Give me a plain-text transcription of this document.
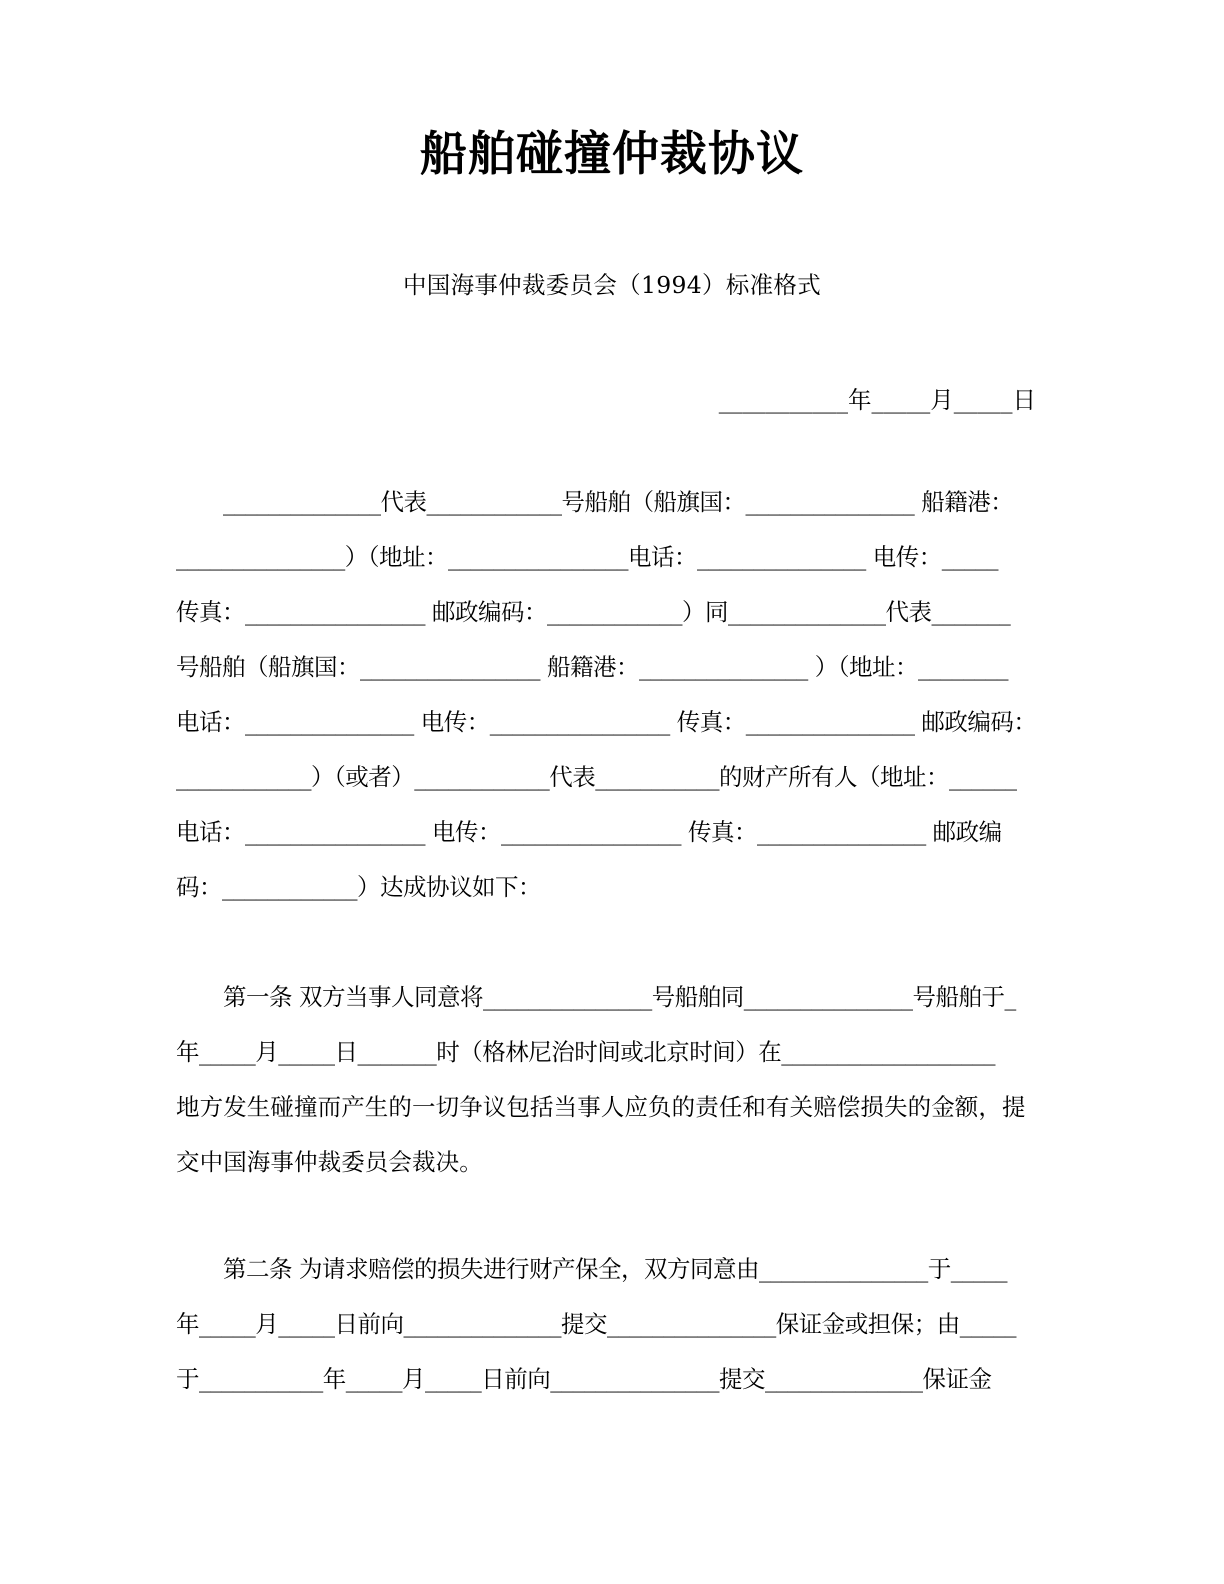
船舶碰撞仲裁协议

中国海事仲裁委员会（1994）标准格式

___________年_____月_____日

______________代表____________号船舶（船旗国：_______________ 船籍港：
_______________）（地址：________________电话：_______________ 电传：_____
传真：________________ 邮政编码：____________）同______________代表_______
号船舶（船旗国：________________ 船籍港：_______________ ）（地址：________
电话：_______________ 电传：________________ 传真：_______________ 邮政编码：
____________）（或者）____________代表___________的财产所有人（地址：______
电话：________________ 电传：________________ 传真：_______________ 邮政编
码：____________）达成协议如下：
第一条 双方当事人同意将_______________号船舶同_______________号船舶于_
年_____月_____日_______时（格林尼治时间或北京时间）在___________________
地方发生碰撞而产生的一切争议包括当事人应负的责任和有关赔偿损失的金额，提
交中国海事仲裁委员会裁决。
第二条 为请求赔偿的损失进行财产保全，双方同意由_______________于_____
年_____月_____日前向______________提交_______________保证金或担保；由_____
于___________年_____月_____日前向_______________提交______________保证金
